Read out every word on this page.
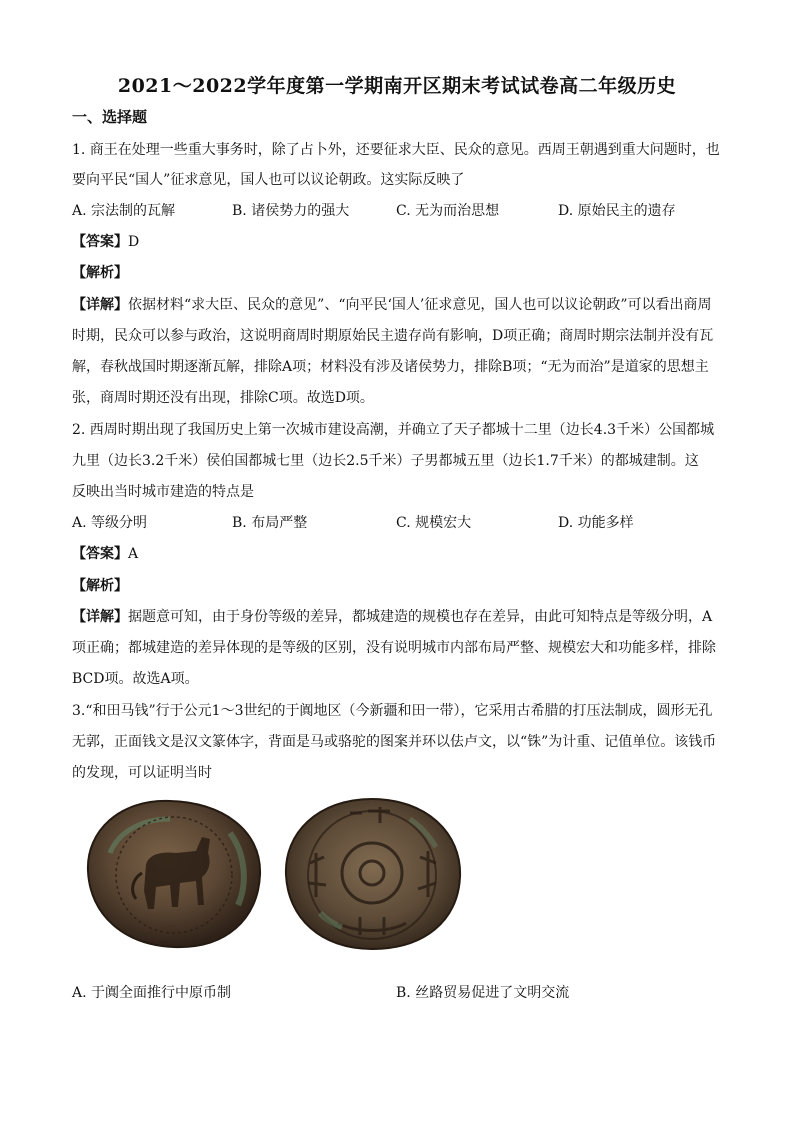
2021～2022学年度第一学期南开区期末考试试卷高二年级历史

一、选择题

1. 商王在处理一些重大事务时，除了占卜外，还要征求大臣、民众的意见。西周王朝遇到重大问题时，也

要向平民“国人”征求意见，国人也可以议论朝政。这实际反映了

A. 宗法制的瓦解	B. 诸侯势力的强大	C. 无为而治思想	D. 原始民主的遗存

【答案】D

【解析】

【详解】依据材料“求大臣、民众的意见”、“向平民‘国人’征求意见，国人也可以议论朝政”可以看出商周

时期，民众可以参与政治，这说明商周时期原始民主遗存尚有影响，D项正确；商周时期宗法制并没有瓦

解，春秋战国时期逐渐瓦解，排除A项；材料没有涉及诸侯势力，排除B项；“无为而治”是道家的思想主

张，商周时期还没有出现，排除C项。故选D项。

2. 西周时期出现了我国历史上第一次城市建设高潮，并确立了天子都城十二里（边长4.3千米）公国都城

九里（边长3.2千米）侯伯国都城七里（边长2.5千米）子男都城五里（边长1.7千米）的都城建制。这

反映出当时城市建造的特点是

A. 等级分明	B. 布局严整	C. 规模宏大	D. 功能多样

【答案】A

【解析】

【详解】据题意可知，由于身份等级的差异，都城建造的规模也存在差异，由此可知特点是等级分明，A

项正确；都城建造的差异体现的是等级的区别，没有说明城市内部布局严整、规模宏大和功能多样，排除

BCD项。故选A项。

3.“和田马钱”行于公元1～3世纪的于阗地区（今新疆和田一带），它采用古希腊的打压法制成，圆形无孔

无郭，正面钱文是汉文篆体字，背面是马或骆驼的图案并环以佉卢文，以“铢”为计重、记值单位。该钱币

的发现，可以证明当时

A. 于阗全面推行中原币制	B. 丝路贸易促进了文明交流
